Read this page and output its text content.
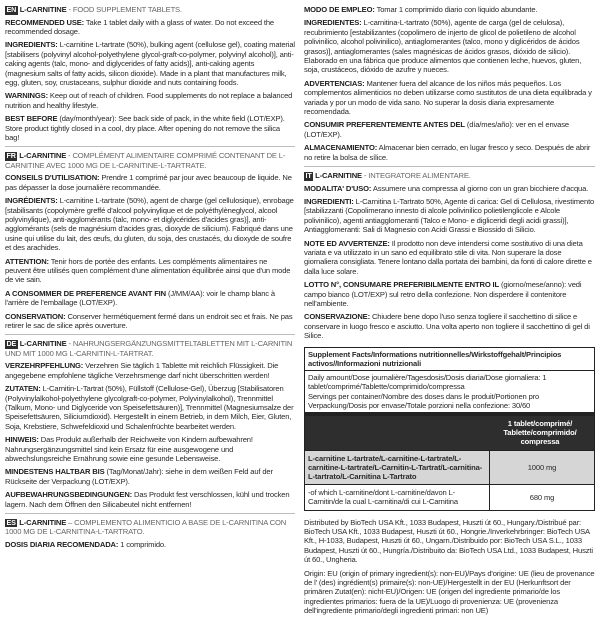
EN L-CARNITINE - FOOD SUPPLEMENT TABLETS.

RECOMMENDED USE: Take 1 tablet daily with a glass of water. Do not exceed the recommended dosage.

INGREDIENTS: L-carnitine L-tartrate (50%), bulking agent (cellulose gel), coating material [stabilisers (polyvinyl alcohol-polyethylene glycol-graft-co-polymer, polyvinyl alcohol)], anti-caking agents (talc, mono- and diglycerides of fatty acids)], anti-caking agents (magnesium salts of fatty acids, silicon dioxide). Made in a plant that manufactures milk, egg, gluten, soy, crustaceans, sulphur dioxide and nuts containing foods.

WARNINGS: Keep out of reach of children. Food supplements do not replace a balanced nutrition and healthy lifestyle.

BEST BEFORE (day/month/year): See back side of pack, in the white field (LOT/EXP). Store product tightly closed in a cool, dry place. After opening do not remove the silica bag!

FR L-CARNITINE - COMPLÉMENT ALIMENTAIRE COMPRIMÉ CONTENANT DE L-CARNITINE AVEC 1000 MG DE L-CARNITINE-L-TARTRATE.

CONSEILS D'UTILISATION: Prendre 1 comprimé par jour avec beaucoup de liquide. Ne pas dépasser la dose journalière recommandée.

INGRÉDIENTS: L-carnitine L-tartrate (50%), agent de charge (gel cellulosique), enrobage [stabilisants (copolymère greffé d'alcool polyvinylique et de polyéthylèneglycol, alcool polyvinylique), anti-agglomérants (talc, mono- et diglycérides d'acides gras)], anti-agglomérants (sels de magnésium d'acides gras, dioxyde de silicium). Fabriqué dans une usine qui utilise du lait, des œufs, du gluten, du soja, des crustacés, du dioxyde de soufre et des arachides.

ATTENTION: Tenir hors de portée des enfants. Les compléments alimentaires ne peuvent être utilisés quen complément d'une alimentation équilibrée ainsi que d'un mode de vie sain.

A CONSOMMER DE PREFERENCE AVANT FIN (J/MM/AA): voir le champ blanc à l'arrière de l'emballage (LOT/EXP).

CONSERVATION: Conserver hermétiquement fermé dans un endroit sec et frais. Ne pas retirer le sac de silice après ouverture.

DE L-CARNITINE - NAHRUNGSERGÄNZUNGSMITTELTABLETTEN MIT L-CARNITIN UND MIT 1000 MG L-CARNITIN-L-TARTRAT.

VERZEHRPFEHLUNG: Verzehren Sie täglich 1 Tablette mit reichlich Flüssigkeit. Die angegebene empfohlene tägliche Verzehrsmenge darf nicht überschritten werden!

ZUTATEN: L-Carnitin-L-Tartrat (50%), Füllstoff (Cellulose-Gel), Überzug [Stabilisatoren (Polyvinylalkohol-polyethylene glycolgraft-co-polymer, Polyvinylalkohol), Trennmittel (Talkum, Mono- und Diglyceride von Speisefettsäuren)], Trennmittel (Magnesiumsalze der Speisefettsäuren, Siliciumdioxid). Hergestellt in einem Betrieb, in dem Milch, Eier, Gluten, Soja, Krebstiere, Schwefeldioxid und Schalenfrüchte bearbeitet werden.

HINWEIS: Das Produkt außerhalb der Reichweite von Kindern aufbewahren! Nahrungsergänzungsmittel sind kein Ersatz für eine ausgewogene und abwechslungsreiche Ernährung sowie eine gesunde Lebensweise.

MINDESTENS HALTBAR BIS (Tag/Monat/Jahr): siehe in dem weißen Feld auf der Rückseite der Verpackung (LOT/EXP).

AUFBEWAHRUNGSBEDINGUNGEN: Das Produkt fest verschlossen, kühl und trocken lagern. Nach dem Öffnen den Silicabeutel nicht entfernen!

ES L-CARNITINE – COMPLEMENTO ALIMENTICIO A BASE DE L-CARNITINA CON 1000 MG DE L-CARNITINA-L-TARTRATO.

DOSIS DIARIA RECOMENDADA: 1 comprimido.

MODO DE EMPLEO: Tomar 1 comprimido diario con liquido abundante.

INGREDIENTES: L-carnitina-L-tartrato (50%), agente de carga (gel de celulosa), recubrimiento [estabilizantes (copolimero de injerto de glicol de polietileno de alcohol polivinilico, alcohol polivinilico), antiaglomerantes (talco, mono y diglicéridos de ácidos grasos)], antiaglomerantes (sales magnésicas de ácidos grasos, dióxido de silicio). Elaborado en una fábrica que produce alimentos que contienen leche, huevos, gluten, soja, crustáceos, dióxido de azufre y nueces.

ADVERTENCIAS: Mantener fuera del alcance de los niños más pequeños. Los complementos alimenticios no deben utilizarse como sustitutos de una dieta equilibrada y variada y por un modo de vida sano. No superar la dosis diaria expresamente recomendada.

CONSUMIR PREFERENTEMENTE ANTES DEL (día/mes/año): ver en el envase (LOT/EXP).

ALMACENAMIENTO: Almacenar bien cerrado, en lugar fresco y seco. Después de abrir no retire la bolsa de sílice.

IT L-CARNITINE - INTEGRATORE ALIMENTARE.

MODALITA' D'USO: Assumere una compressa al giorno con un gran bicchiere d'acqua.

INGREDIENTI: L-Carnitina L-Tartrato 50%, Agente di carica: Gel di Cellulosa, rivestimento [stabilizzanti (Copolimerano innesto di alcole polivinilico polietilenglicole e Alcole polivinilico), agenti antiagglomeranti (Talco e Mono- e digliceridi degli acidi grassi)], Antiagglomeranti: Sali di Magnesio con Acidi Grassi e Biossido di Silicio.

NOTE ED AVVERTENZE: Il prodotto non deve intendersi come sostitutivo di una dieta variata e va utilizzato in un sano ed equilibrato stile di vita. Non superare la dose giornaliera consigliata. Tenere lontano dalla portata dei bambini, da fonti di calore dirette e dalla luce solare.

LOTTO N°, CONSUMARE PREFERIBILMENTE ENTRO IL (giorno/mese/anno): vedi campo bianco (LOT/EXP) sul retro della confezione. Non disperdere il contenitore nell'ambiente.

CONSERVAZIONE: Chiudere bene dopo l'uso senza togliere il sacchettino di silice e conservare in luogo fresco e asciutto. Una volta aperto non togliere il sacchettino di gel di Silice.

Supplement Facts/Informations nutritionnelles/Wirkstoffgehalt/Principios activos//Informazioni nutrizionali
Daily amount/Dose journalière/Tagesdosis/Dosis diaria/Dose giornaliera: 1 tablet/comprimé/Tablette/comprimido/compressa
Servings per container/Nombre des doses dans le produit/Portionen pro Verpackung/Dosis por envase/Totale porzioni nella confezione: 30/60
1 tablet/comprimé/ Tablette/comprimido/ compressa
L-carnitine L-tartrate/L-carnitine-L-tartrate/L-carnitine-L-tartrate/L-Carnitin-L-Tartrat/L-carnitina-L-tartrato/L-Carnitina L-Tartrato
1000 mg
-of which L-carnitine/dont L-carnitine/davon L-Carnitin/de la cual L-carnitina/di cui L-Carnitina
680 mg

Distributed by BioTech USA Kft., 1033 Budapest, Huszti út 60., Hungary./Distribué par: BioTech USA Kft., 1033 Budapest, Huszti út 60., Hongrie./Inverkehrbringer: BioTech USA Kft., H-1033, Budapest, Huszti út 60., Ungarn./Distribuido por: BioTech USA S.L., 1033 Budapest, Huszti út 60., Hungría./Distribuito da: BioTech USA Ltd., 1033 Budapest, Huszti út 60., Ungheria.

Origin: EU (origin of primary ingredient(s): non-EU)/Pays d'origine: UE (lieu de provenance de l' (des) ingrédient(s) primaire(s): non-UE)/Hergestellt in der EU (Herkunftsort der primären Zutat(en): nicht-EU)/Origen: UE (origen del ingrediente primario/de los ingredientes primarios: fuera de la UE)/Luogo di provenienza: UE (provenienza dell'ingrediente primario/degli ingredienti primari: non UE)
